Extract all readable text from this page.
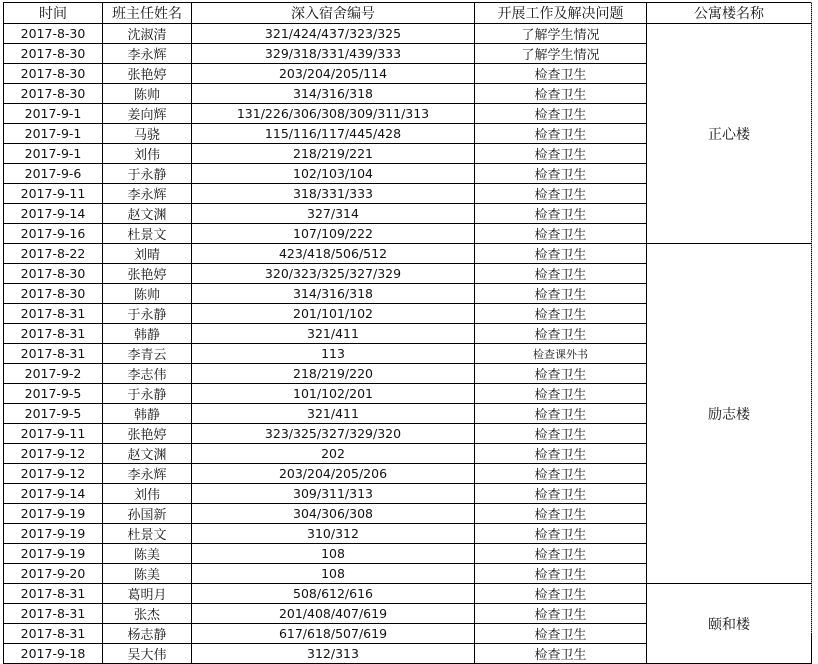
时间	班主任姓名	深入宿舍编号	开展工作及解决问题	公寓楼名称
2017-8-30	沈淑清	321/424/437/323/325	了解学生情况	正心楼
2017-8-30	李永辉	329/318/331/439/333	了解学生情况	
2017-8-30	张艳婷	203/204/205/114	检查卫生	
2017-8-30	陈帅	314/316/318	检查卫生	
2017-9-1	姜向辉	131/226/306/308/309/311/313	检查卫生	
2017-9-1	马骁	115/116/117/445/428	检查卫生	
2017-9-1	刘伟	218/219/221	检查卫生	
2017-9-6	于永静	102/103/104	检查卫生	
2017-9-11	李永辉	318/331/333	检查卫生	
2017-9-14	赵文渊	327/314	检查卫生	
2017-9-16	杜景文	107/109/222	检查卫生	
2017-8-22	刘晴	423/418/506/512	检查卫生	励志楼
2017-8-30	张艳婷	320/323/325/327/329	检查卫生	
2017-8-30	陈帅	314/316/318	检查卫生	
2017-8-31	于永静	201/101/102	检查卫生	
2017-8-31	韩静	321/411	检查卫生	
2017-8-31	李青云	113	检查课外书	
2017-9-2	李志伟	218/219/220	检查卫生	
2017-9-5	于永静	101/102/201	检查卫生	
2017-9-5	韩静	321/411	检查卫生	
2017-9-11	张艳婷	323/325/327/329/320	检查卫生	
2017-9-12	赵文渊	202	检查卫生	
2017-9-12	李永辉	203/204/205/206	检查卫生	
2017-9-14	刘伟	309/311/313	检查卫生	
2017-9-19	孙国新	304/306/308	检查卫生	
2017-9-19	杜景文	310/312	检查卫生	
2017-9-19	陈美	108	检查卫生	
2017-9-20	陈美	108	检查卫生	
2017-8-31	葛明月	508/612/616	检查卫生	颐和楼
2017-8-31	张杰	201/408/407/619	检查卫生	
2017-8-31	杨志静	617/618/507/619	检查卫生	
2017-9-18	吴大伟	312/313	检查卫生	
